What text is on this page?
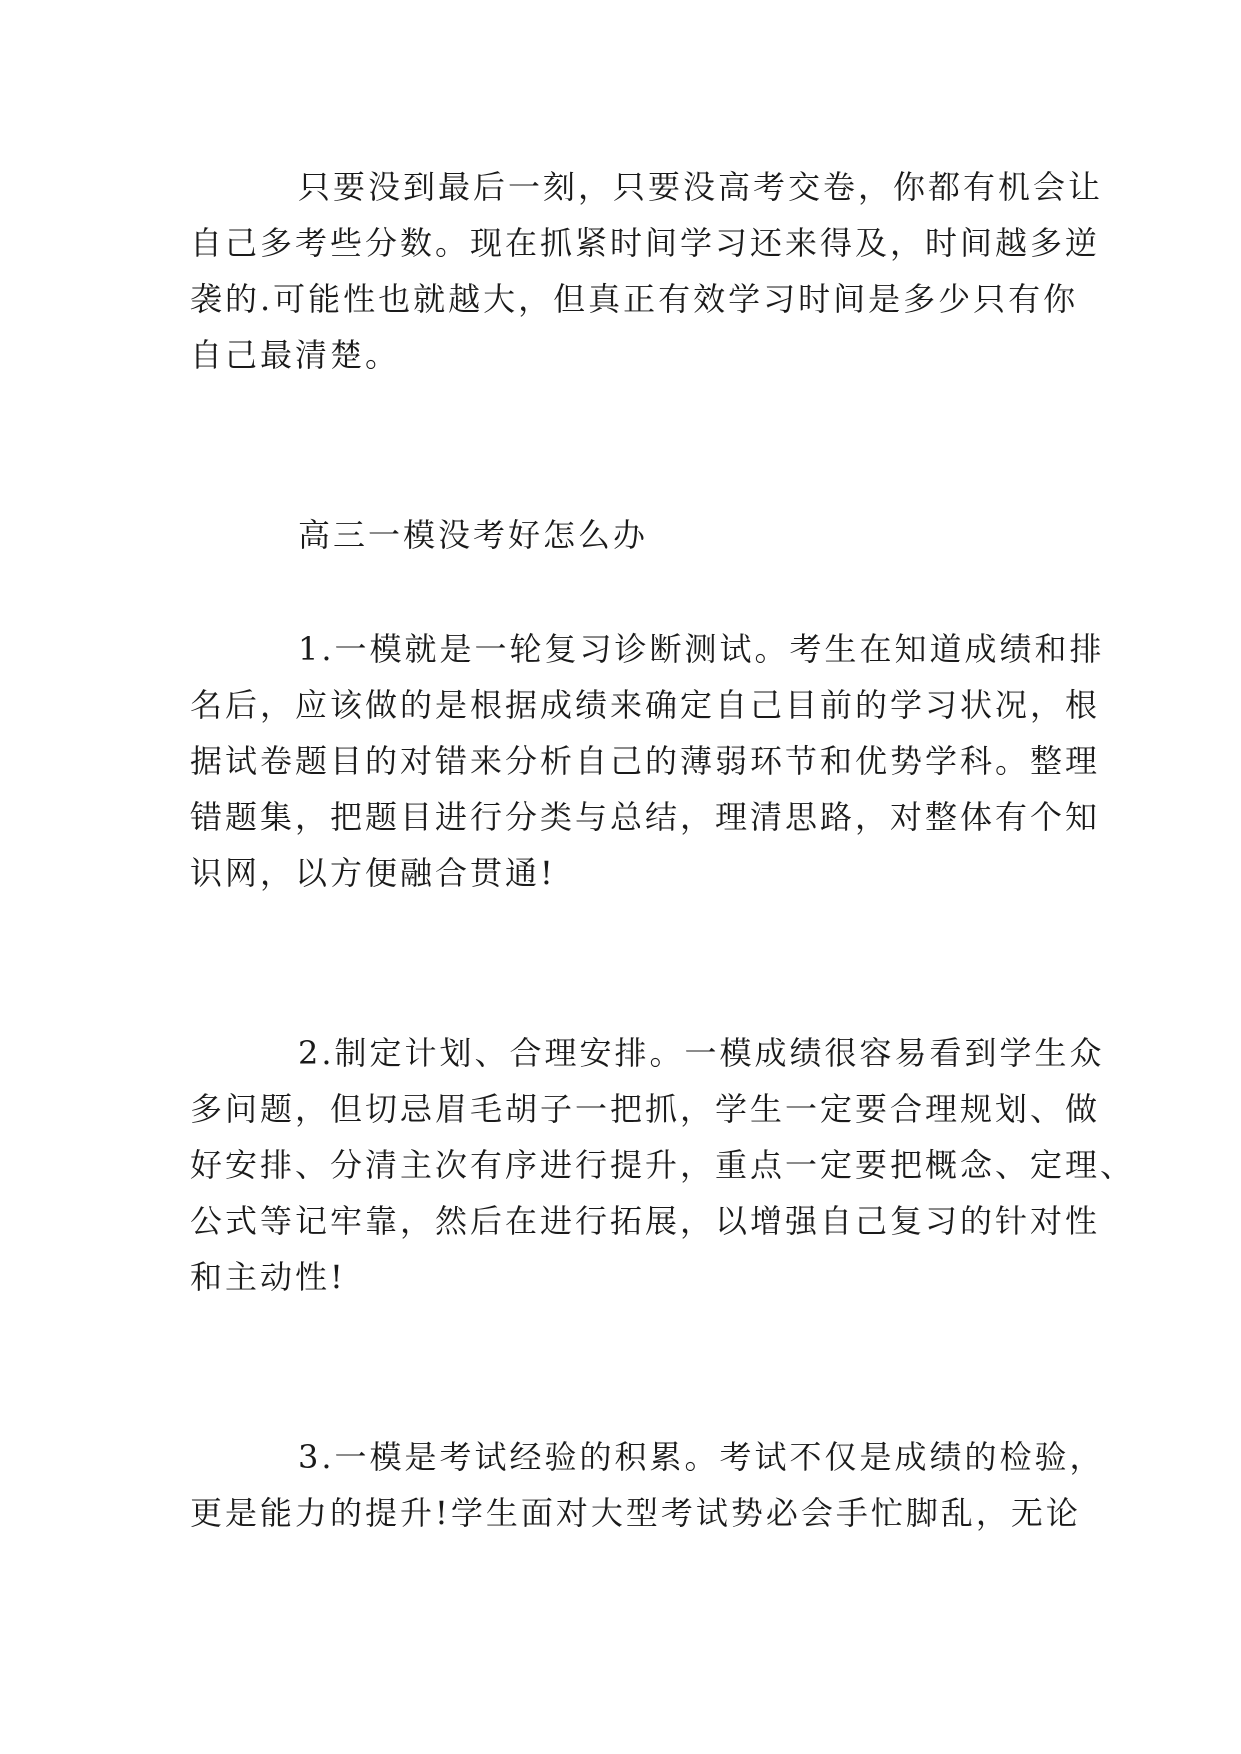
只要没到最后一刻，只要没高考交卷，你都有机会让
自己多考些分数。现在抓紧时间学习还来得及，时间越多逆
袭的.可能性也就越大，但真正有效学习时间是多少只有你
自己最清楚。

高三一模没考好怎么办

1.一模就是一轮复习诊断测试。考生在知道成绩和排
名后，应该做的是根据成绩来确定自己目前的学习状况，根
据试卷题目的对错来分析自己的薄弱环节和优势学科。整理
错题集，把题目进行分类与总结，理清思路，对整体有个知
识网，以方便融合贯通!

2.制定计划、合理安排。一模成绩很容易看到学生众
多问题，但切忌眉毛胡子一把抓，学生一定要合理规划、做
好安排、分清主次有序进行提升，重点一定要把概念、定理、
公式等记牢靠，然后在进行拓展，以增强自己复习的针对性
和主动性!

3.一模是考试经验的积累。考试不仅是成绩的检验，
更是能力的提升!学生面对大型考试势必会手忙脚乱，无论
